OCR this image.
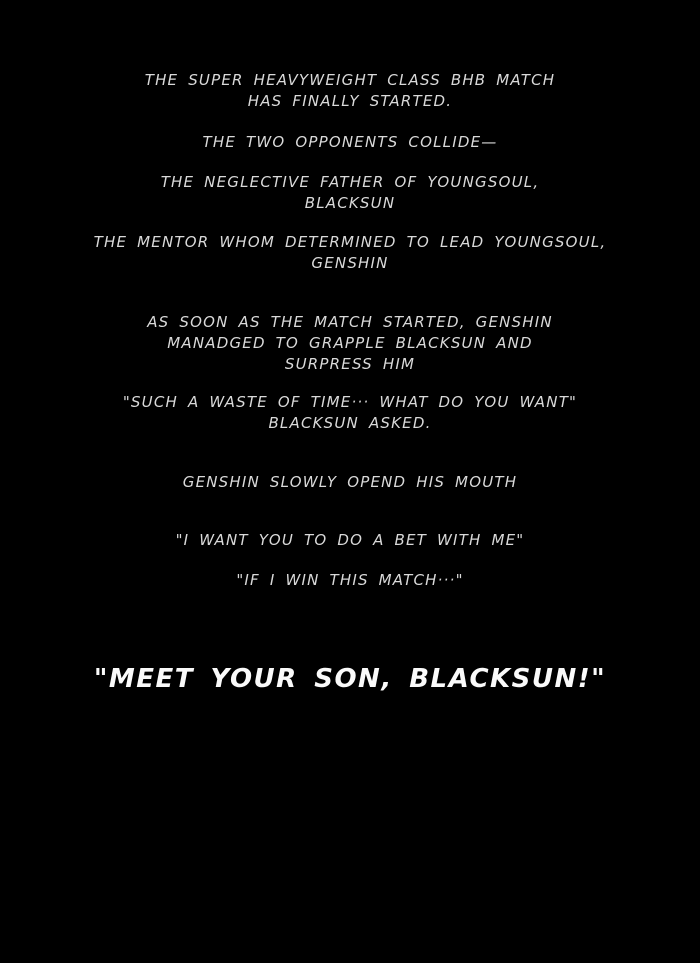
THE SUPER HEAVYWEIGHT CLASS BHB MATCH
HAS FINALLY STARTED.
THE TWO OPPONENTS COLLIDE—
THE NEGLECTIVE FATHER OF YOUNGSOUL,
BLACKSUN
THE MENTOR WHOM DETERMINED TO LEAD YOUNGSOUL,
GENSHIN
AS SOON AS THE MATCH STARTED, GENSHIN
MANADGED TO GRAPPLE BLACKSUN AND
SURPRESS HIM
"SUCH A WASTE OF TIME··· WHAT DO YOU WANT"
BLACKSUN ASKED.
GENSHIN SLOWLY OPEND HIS MOUTH
"I WANT YOU TO DO A BET WITH ME"
"IF I WIN THIS MATCH···"
"MEET YOUR SON, BLACKSUN!"
